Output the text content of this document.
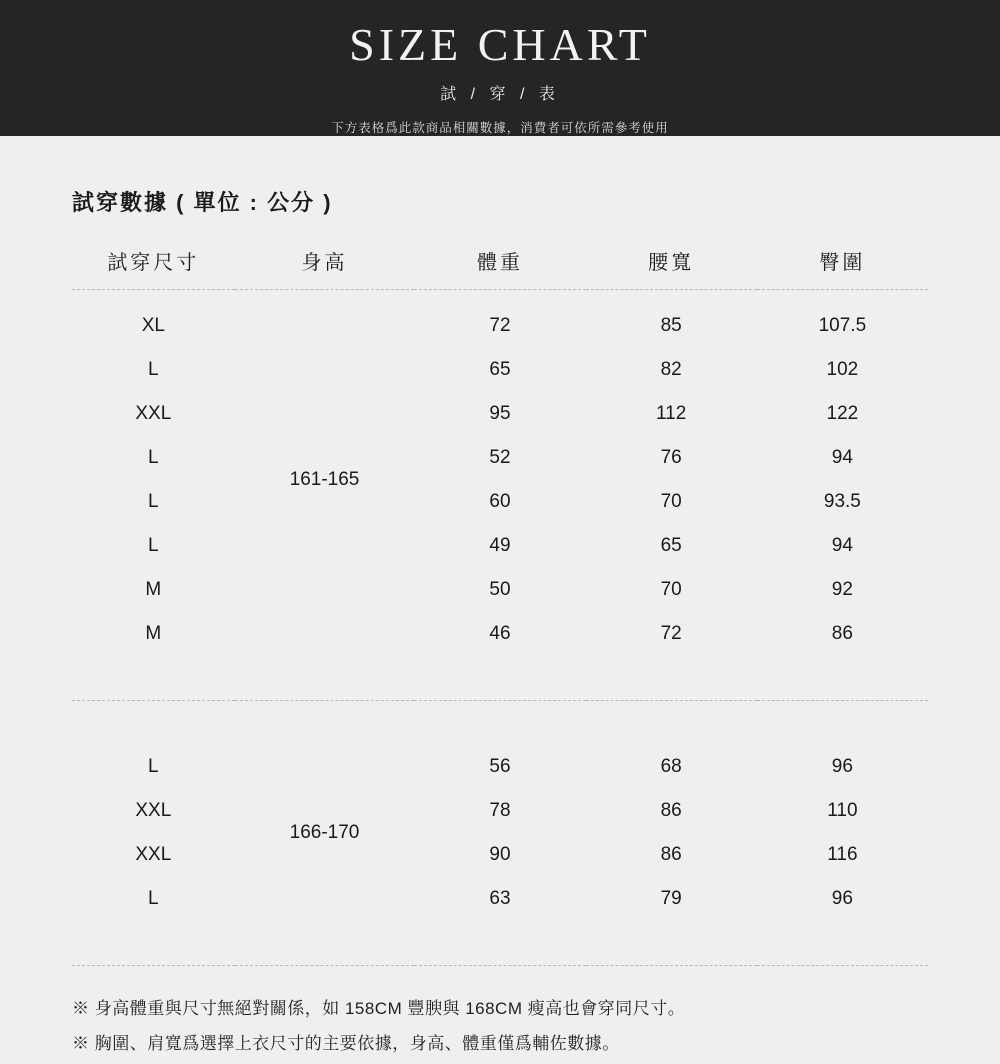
SIZE CHART
試 / 穿 / 表
下方表格爲此款商品相關數據，消費者可依所需參考使用
試穿數據 ( 單位 : 公分 )
試穿尺寸	身高	體重	腰寬	臀圍

XL	161-165	72	85	107.5
L		65	82	102
XXL		95	112	122
L		52	76	94
L		60	70	93.5
L		49	65	94
M		50	70	92
M		46	72	86

L	166-170	56	68	96
XXL		78	86	110
XXL		90	86	116
L		63	79	96

※ 身高體重與尺寸無絕對關係，如 158CM 豐腴與 168CM 瘦高也會穿同尺寸。
※ 胸圍、肩寬爲選擇上衣尺寸的主要依據，身高、體重僅爲輔佐數據。
